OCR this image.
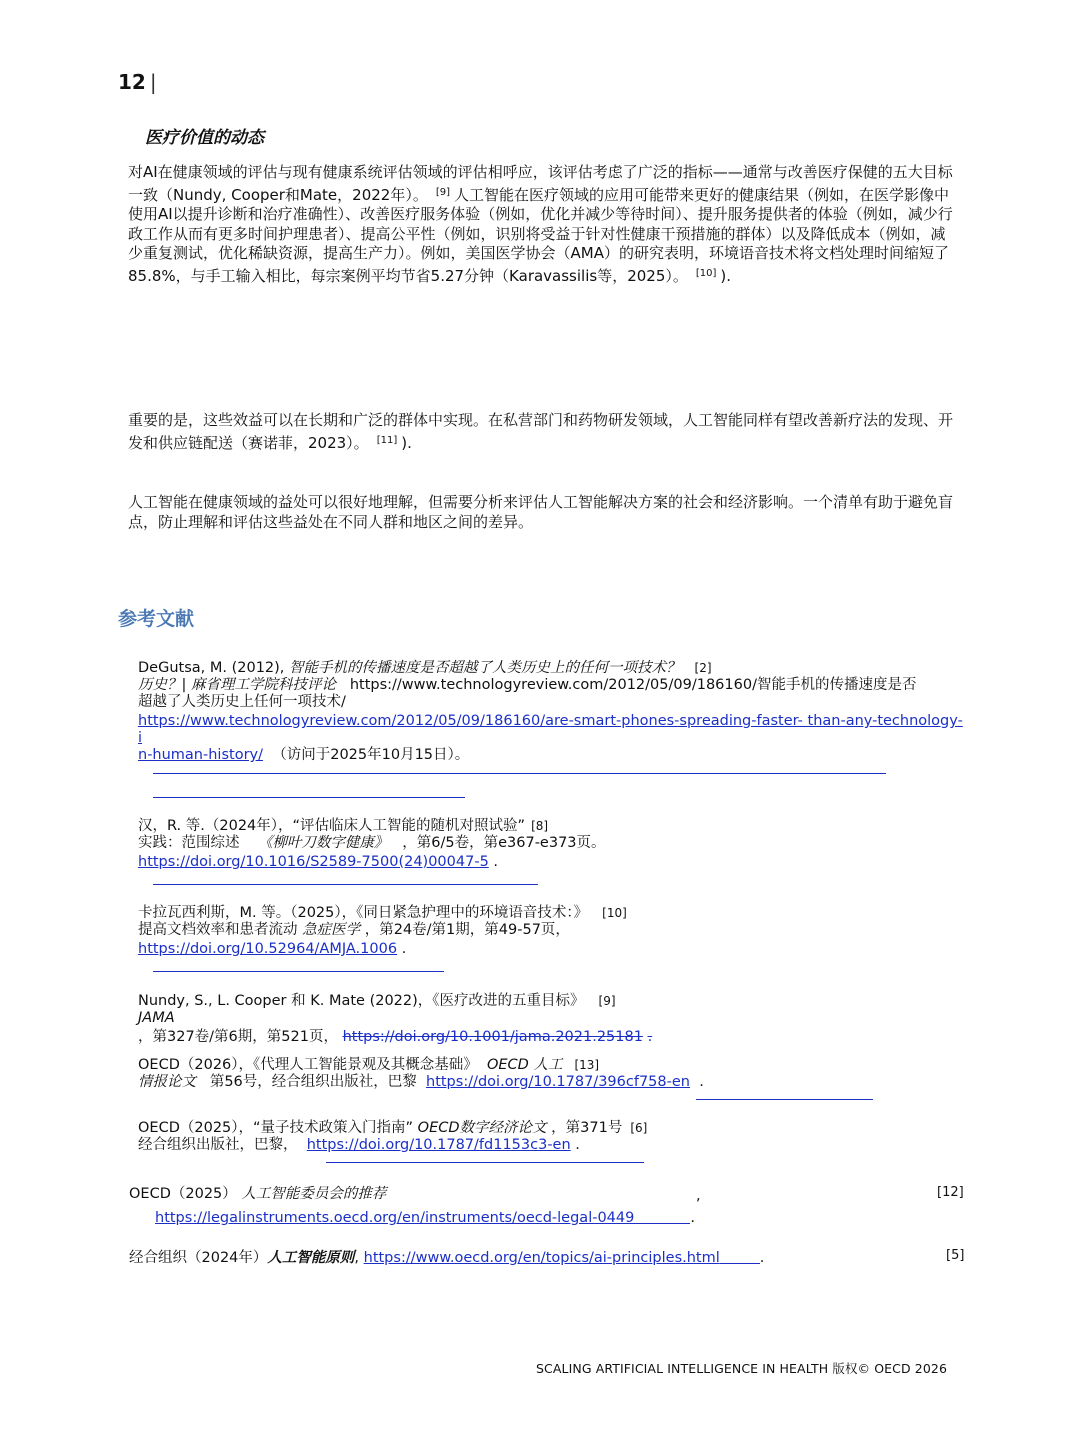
12 |
医疗价值的动态
对AI在健康领域的评估与现有健康系统评估领域的评估相呼应，该评估考虑了广泛的指标——通常与改善医疗保健的五大目标一致（Nundy, Cooper和Mate，2022年）。 [9] 人工智能在医疗领域的应用可能带来更好的健康结果（例如，在医学影像中使用AI以提升诊断和治疗准确性）、改善医疗服务体验（例如，优化并减少等待时间）、提升服务提供者的体验（例如，减少行政工作从而有更多时间护理患者）、提高公平性（例如，识别将受益于针对性健康干预措施的群体）以及降低成本（例如，减少重复测试，优化稀缺资源，提高生产力）。例如，美国医学协会（AMA）的研究表明，环境语音技术将文档处理时间缩短了85.8%，与手工输入相比，每宗案例平均节省5.27分钟（Karavassilis等，2025）。 [10] ).
重要的是，这些效益可以在长期和广泛的群体中实现。在私营部门和药物研发领域，人工智能同样有望改善新疗法的发现、开发和供应链配送（赛诺菲，2023）。 [11] ).
人工智能在健康领域的益处可以很好地理解，但需要分析来评估人工智能解决方案的社会和经济影响。一个清单有助于避免盲点，防止理解和评估这些益处在不同人群和地区之间的差异。
参考文献
DeGutsa, M. (2012), 智能手机的传播速度是否超越了人类历史上的任何一项技术？ [2]
历史？| 麻省理工学院科技评论 https://www.technologyreview.com/2012/05/09/186160/智能手机的传播速度是否
超越了人类历史上任何一项技术/
https://www.technologyreview.com/2012/05/09/186160/are-smart-phones-spreading-faster- than-any-technology-i
n-human-history/ （访问于2025年10月15日）。
汉，R. 等.（2024年），“评估临床人工智能的随机对照试验” [8]
实践：范围综述 《柳叶刀数字健康》 ，第6/5卷，第e367-e373页。
https://doi.org/10.1016/S2589-7500(24)00047-5 .
卡拉瓦西利斯，M. 等。（2025），《同日紧急护理中的环境语音技术：》 [10]
提高文档效率和患者流动 急症医学 ，第24卷/第1期，第49-57页，
https://doi.org/10.52964/AMJA.1006 .
Nundy, S., L. Cooper 和 K. Mate (2022)，《医疗改进的五重目标》 [9]
JAMA
，第327卷/第6期，第521页， https://doi.org/10.1001/jama.2021.25181 .
OECD（2026），《代理人工智能景观及其概念基础》 OECD 人工 [13]
情报论文 第56号，经合组织出版社，巴黎 https://doi.org/10.1787/396cf758-en .
OECD（2025），“量子技术政策入门指南” OECD数字经济论文 ，第371号 [6]
经合组织出版社，巴黎， https://doi.org/10.1787/fd1153c3-en .
OECD（2025） 人工智能委员会的推荐	,	[12]
https://legalinstruments.oecd.org/en/instruments/oecd-legal-0449	.
经合组织（2024年）人工智能原则, https://www.oecd.org/en/topics/ai-principles.html	.	[5]
SCALING ARTIFICIAL INTELLIGENCE IN HEALTH 版权© OECD 2026
